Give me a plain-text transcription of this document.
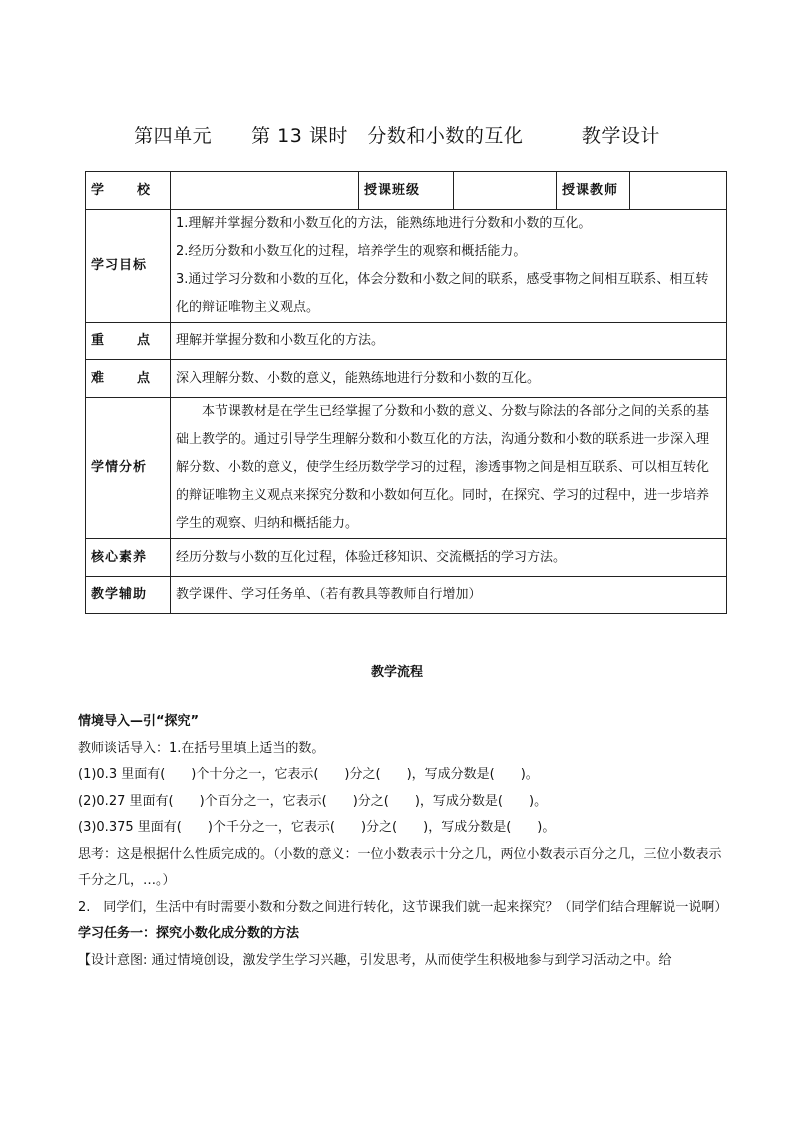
第四单元　　第 13 课时　分数和小数的互化　　　教学设计
学 校		授课班级		授课教师	
学习目标	1.理解并掌握分数和小数互化的方法，能熟练地进行分数和小数的互化。
2.经历分数和小数互化的过程，培养学生的观察和概括能力。
3.通过学习分数和小数的互化，体会分数和小数之间的联系，感受事物之间相互联系、相互转化的辩证唯物主义观点。				

重 点	理解并掌握分数和小数互化的方法。				

难 点	深入理解分数、小数的意义，能熟练地进行分数和小数的互化。				
学情分析	本节课教材是在学生已经掌握了分数和小数的意义、分数与除法的各部分之间的关系的基础上教学的。通过引导学生理解分数和小数互化的方法，沟通分数和小数的联系进一步深入理解分数、小数的意义，使学生经历数学学习的过程，渗透事物之间是相互联系、可以相互转化的辩证唯物主义观点来探究分数和小数如何互化。同时，在探究、学习的过程中，进一步培养学生的观察、归纳和概括能力。				
核心素养	经历分数与小数的互化过程，体验迁移知识、交流概括的学习方法。				
教学辅助	教学课件、学习任务单、（若有教具等教师自行增加）				
教学流程

情境导入—引“探究”

教师谈话导入：1.在括号里填上适当的数。

(1)0.3 里面有(　　)个十分之一，它表示(　　)分之(　　)，写成分数是(　　)。

(2)0.27 里面有(　　)个百分之一，它表示(　　)分之(　　)，写成分数是(　　)。

(3)0.375 里面有(　　)个千分之一，它表示(　　)分之(　　)，写成分数是(　　)。

思考：这是根据什么性质完成的。（小数的意义：一位小数表示十分之几，两位小数表示百分之几，三位小数表示千分之几，…。）

2.　同学们，生活中有时需要小数和分数之间进行转化，这节课我们就一起来探究？（同学们结合理解说一说啊）

学习任务一：探究小数化成分数的方法

【设计意图: 通过情境创设，激发学生学习兴趣，引发思考，从而使学生积极地参与到学习活动之中。给
